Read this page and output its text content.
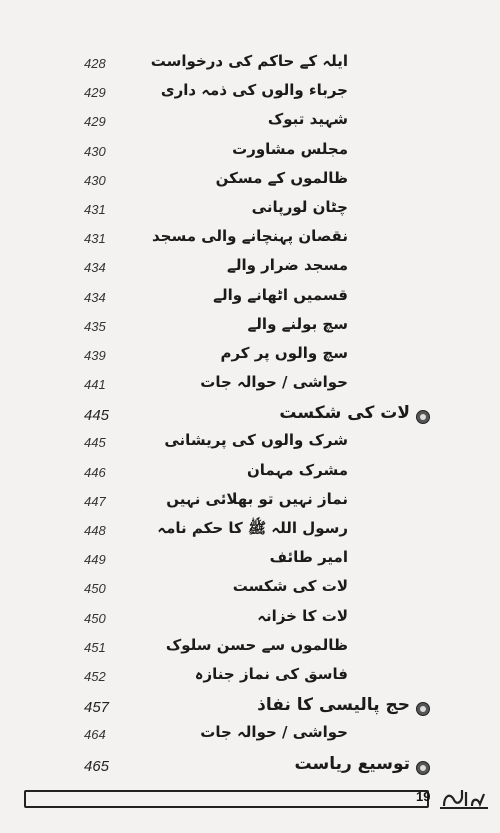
428	ایلہ کے حاکم کی درخواست
429	جرباء والوں کی ذمہ داری
429	شہید تبوک
430	مجلس مشاورت
430	ظالموں کے مسکن
431	چٹان لورپانی
431	نقصان پہنچانے والی مسجد
434	مسجد ضرار والے
434	قسمیں اٹھانے والے
435	سچ بولنے والے
439	سچ والوں پر کرم
441	حواشی / حوالہ جات
445	لات کی شکست
445	شرک والوں کی پریشانی
446	مشرک مہمان
447	نماز نہیں تو بھلائی نہیں
448	رسول اللہ ﷺ کا حکم نامہ
449	امیر طائف
450	لات کی شکست
450	لات کا خزانہ
451	ظالموں سے حسن سلوک
452	فاسق کی نماز جنازہ
457	حج پالیسی کا نفاذ
464	حواشی / حوالہ جات
465	توسیع ریاست
19
